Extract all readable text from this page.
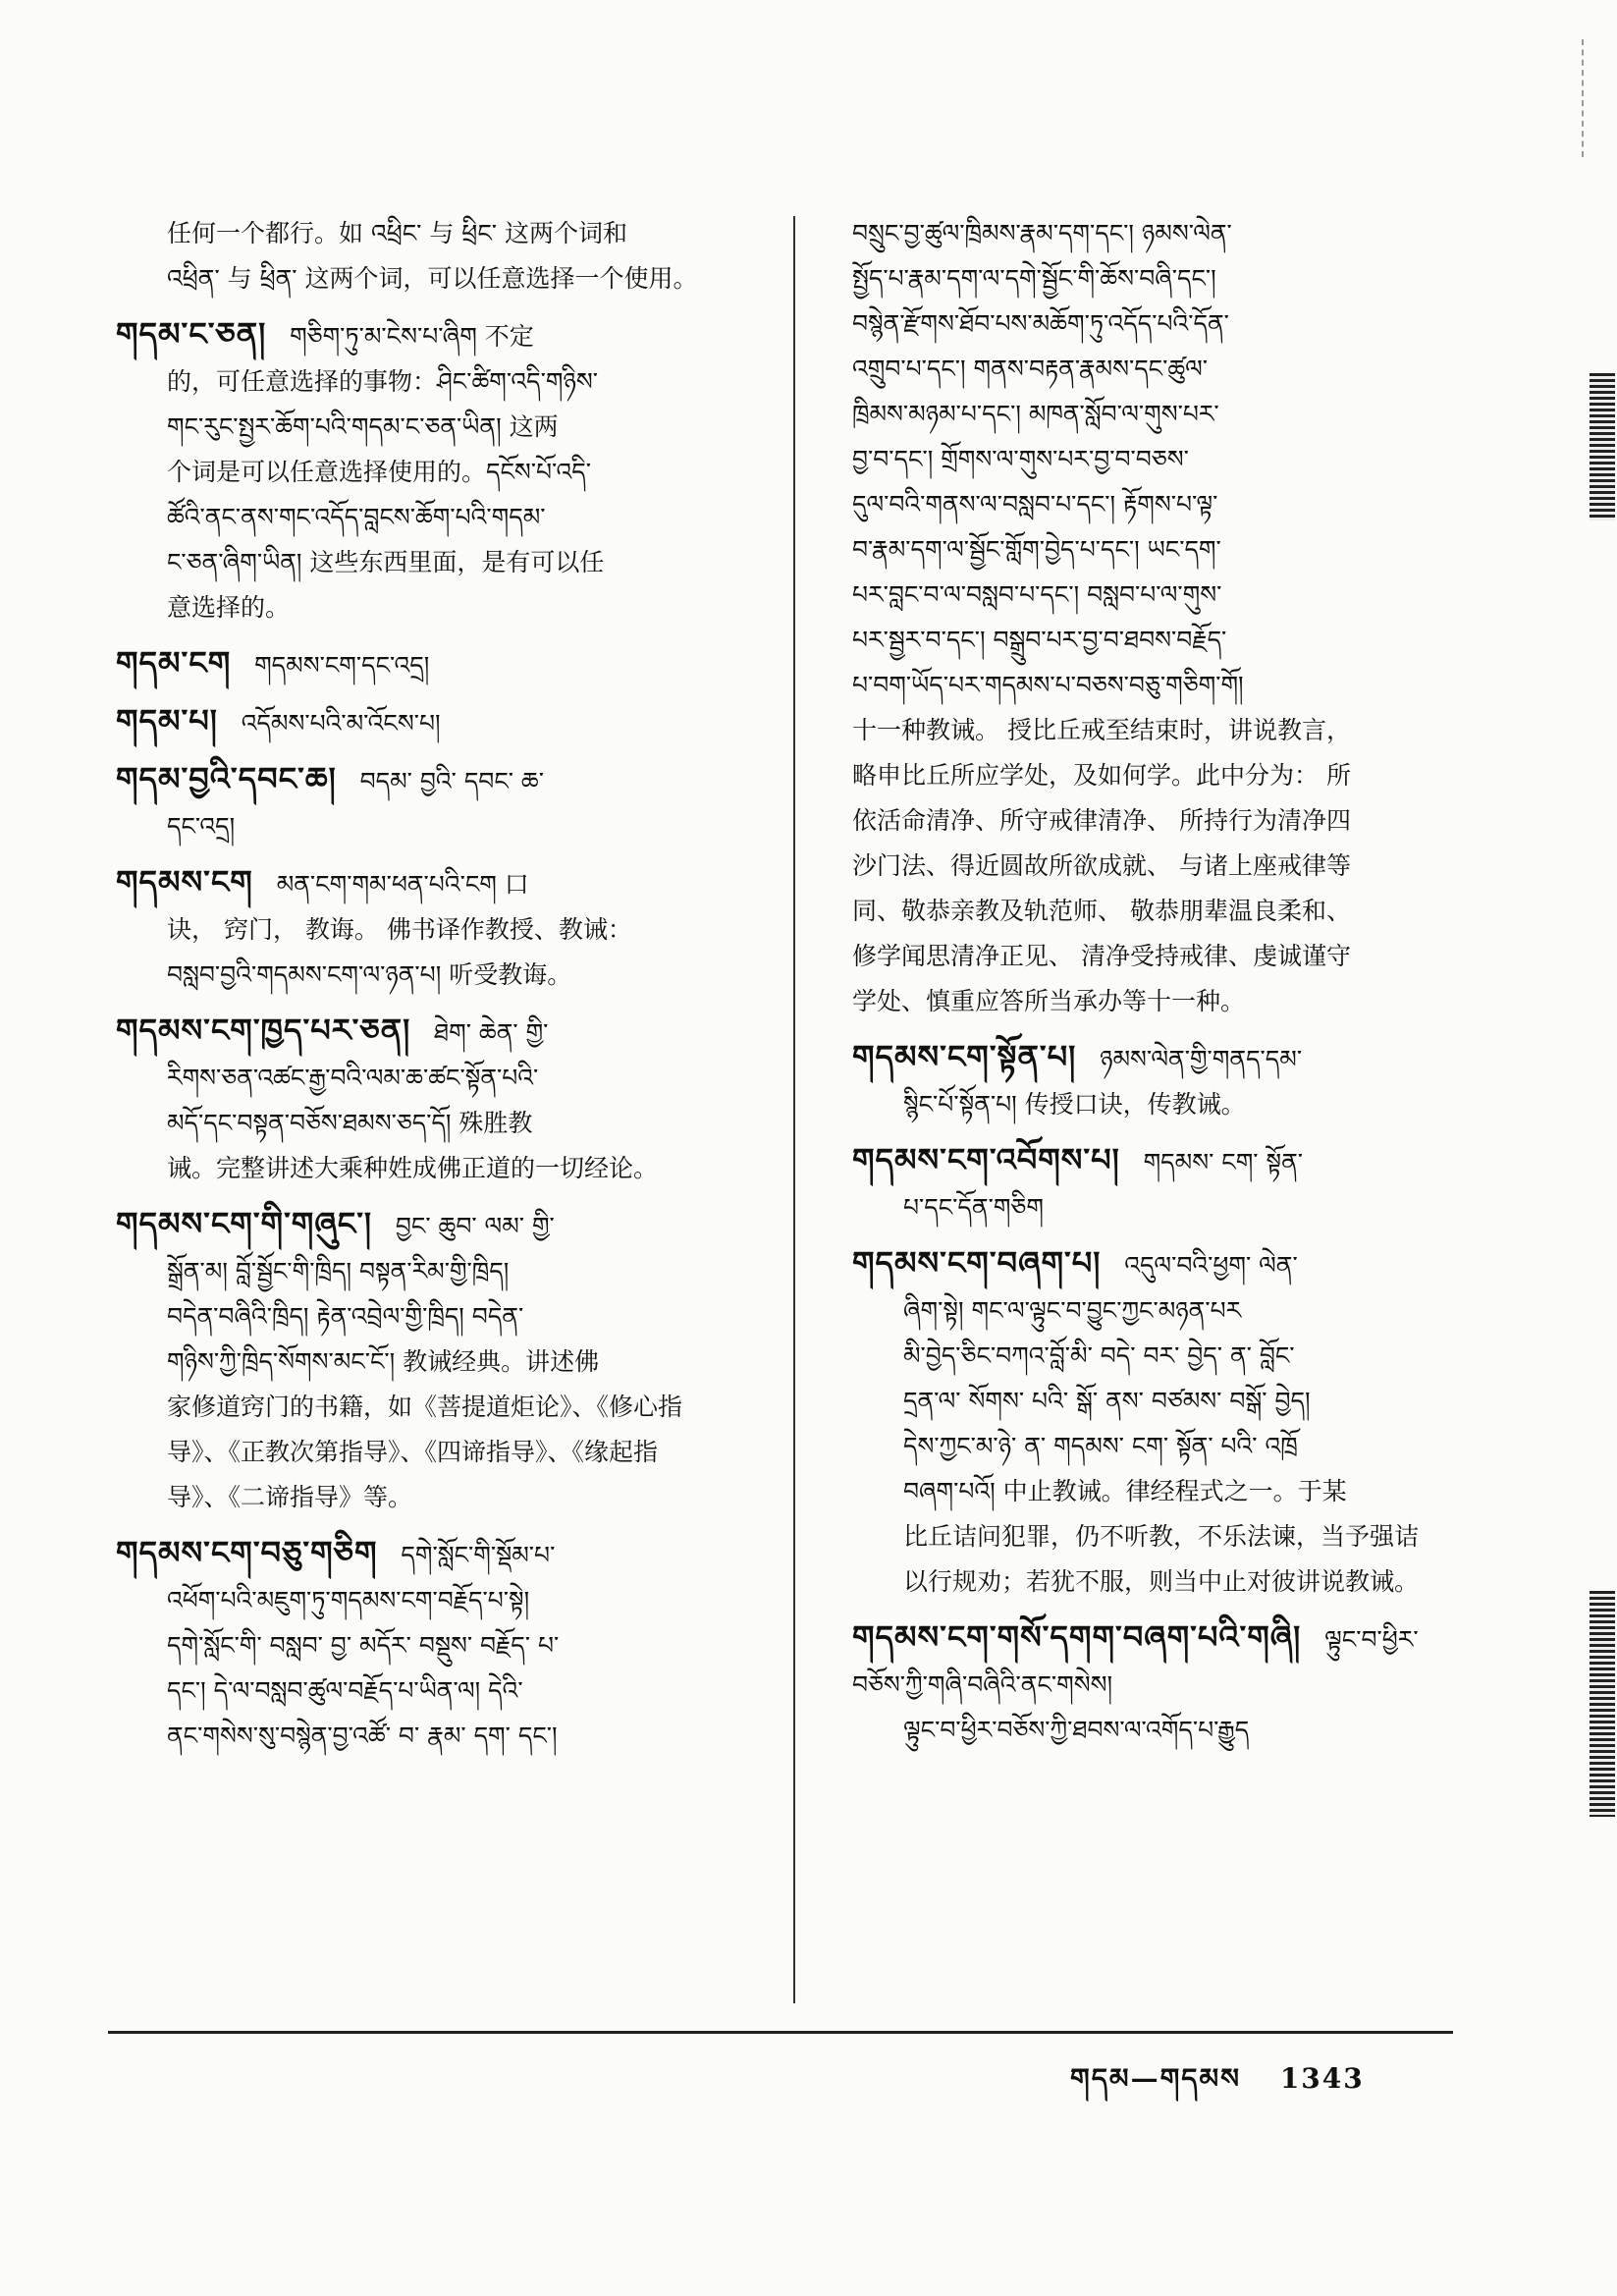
任何一个都行。如 འཕྲིང་ 与 ཕྲིང་ 这两个词和
འཕྲིན་ 与 ཕྲིན་ 这两个词，可以任意选择一个使用。
གདམ་ང་ཅན། གཅིག་ཏུ་མ་ངེས་པ་ཞིག 不定
的，可任意选择的事物：ཤིང་ཚིག་འདི་གཉིས་
གང་རུང་སྤྱར་ཆོག་པའི་གདམ་ང་ཅན་ཡིན། 这两
个词是可以任意选择使用的。དངོས་པོ་འདི་
ཚོའི་ནང་ནས་གང་འདོད་བླངས་ཆོག་པའི་གདམ་
ང་ཅན་ཞིག་ཡིན། 这些东西里面，是有可以任
意选择的。
གདམ་ངག གདམས་ངག་དང་འདྲ།
གདམ་པ། འདོམས་པའི་མ་འོངས་པ།
གདམ་བྱའི་དབང་ཆ། བདམ་ བྱའི་ དབང་ ཆ་
དང་འདྲ།
གདམས་ངག མན་ངག་གམ་ཕན་པའི་ངག 口
诀， 窍门， 教诲。 佛书译作教授、教诫：
བསླབ་བྱའི་གདམས་ངག་ལ་ཉན་པ། 听受教诲。
གདམས་ངག་ཁྱད་པར་ཅན། ཐེག་ ཆེན་ གྱི་
རིགས་ཅན་འཚང་རྒྱ་བའི་ལམ་ཆ་ཚང་སྟོན་པའི་
མདོ་དང་བསྟན་བཅོས་ཐམས་ཅད་དོ། 殊胜教
诫。完整讲述大乘种姓成佛正道的一切经论。
གདམས་ངག་གི་གཞུང་། བྱང་ ཆུབ་ ལམ་ གྱི་
སྒྲོན་མ། བློ་སྦྱོང་གི་ཁྲིད། བསྟན་རིམ་གྱི་ཁྲིད།
བདེན་བཞིའི་ཁྲིད། རྟེན་འབྲེལ་གྱི་ཁྲིད། བདེན་
གཉིས་ཀྱི་ཁྲིད་སོགས་མང་ངོ་། 教诫经典。讲述佛
家修道窍门的书籍，如《菩提道炬论》、《修心指
导》、《正教次第指导》、《四谛指导》、《缘起指
导》、《二谛指导》等。
གདམས་ངག་བཅུ་གཅིག དགེ་སློང་གི་སྡོམ་པ་
འཕོག་པའི་མཇུག་ཏུ་གདམས་ངག་བརྗོད་པ་སྟེ།
དགེ་སློང་གི་ བསླབ་ བྱ་ མདོར་ བསྡུས་ བརྗོད་ པ་
དང་། དེ་ལ་བསླབ་ཚུལ་བརྗོད་པ་ཡིན་ལ། དེའི་
ནང་གསེས་སུ་བསྙེན་བྱ་འཚོ་ བ་ རྣམ་ དག་ དང་།
བསྲུང་བྱ་ཚུལ་ཁྲིམས་རྣམ་དག་དང་། ཉམས་ལེན་
སྤྱོད་པ་རྣམ་དག་ལ་དགེ་སྦྱོང་གི་ཆོས་བཞི་དང་།
བསྙེན་རྫོགས་ཐོབ་པས་མཆོག་ཏུ་འདོད་པའི་དོན་
འགྲུབ་པ་དང་། གནས་བརྟན་རྣམས་དང་ཚུལ་
ཁྲིམས་མཉམ་པ་དང་། མཁན་སློབ་ལ་གུས་པར་
བྱ་བ་དང་། གྲོགས་ལ་གུས་པར་བྱ་བ་བཅས་
དུལ་བའི་གནས་ལ་བསླབ་པ་དང་། རྟོགས་པ་ལྟ་
བ་རྣམ་དག་ལ་སྦྱོང་གློག་བྱེད་པ་དང་། ཡང་དག་
པར་བླང་བ་ལ་བསླབ་པ་དང་། བསླབ་པ་ལ་གུས་
པར་སྦྱར་བ་དང་། བསྒྲུབ་པར་བྱ་བ་ཐབས་བརྗོད་
པ་བག་ཡོད་པར་གདམས་པ་བཅས་བཅུ་གཅིག་གོ།
十一种教诫。 授比丘戒至结束时，讲说教言，
略申比丘所应学处，及如何学。此中分为： 所
依活命清净、所守戒律清净、 所持行为清净四
沙门法、得近圆故所欲成就、 与诸上座戒律等
同、敬恭亲教及轨范师、 敬恭朋辈温良柔和、
修学闻思清净正见、 清净受持戒律、虔诚谨守
学处、慎重应答所当承办等十一种。
གདམས་ངག་སྟོན་པ། ཉམས་ལེན་གྱི་གནད་དམ་
སྙིང་པོ་སྟོན་པ། 传授口诀，传教诫。
གདམས་ངག་འབོགས་པ། གདམས་ ངག་ སྟོན་
པ་དང་དོན་གཅིག
གདམས་ངག་བཞག་པ། འདུལ་བའི་ཕྱག་ ལེན་
ཞིག་སྟེ། གང་ལ་ལྟུང་བ་བྱུང་ཀྱང་མཉན་པར
མི་བྱེད་ཅིང་བཀའ་བློ་མི་ བདེ་ བར་ བྱེད་ ན་ བློང་
དྲན་ལ་ སོགས་ པའི་ སྒོ་ ནས་ བཙམས་ བསྒོ་ བྱེད།
དེས་ཀྱང་མ་ཉེ་ ན་ གདམས་ ངག་ སྟོན་ པའི་ འཁྲོ
བཞག་པའོ། 中止教诫。律经程式之一。于某
比丘诘问犯罪，仍不听教，不乐法谏，当予强诘
以行规劝；若犹不服，则当中止对彼讲说教诫。
གདམས་ངག་གསོ་དགག་བཞག་པའི་གཞི། ལྟུང་བ་ཕྱིར་བཅོས་ཀྱི་གཞི་བཞིའི་ནང་གསེས།
ལྟུང་བ་ཕྱིར་བཅོས་ཀྱི་ཐབས་ལ་འགོད་པ་རྒྱུད
གདམ—གདམས 1343
